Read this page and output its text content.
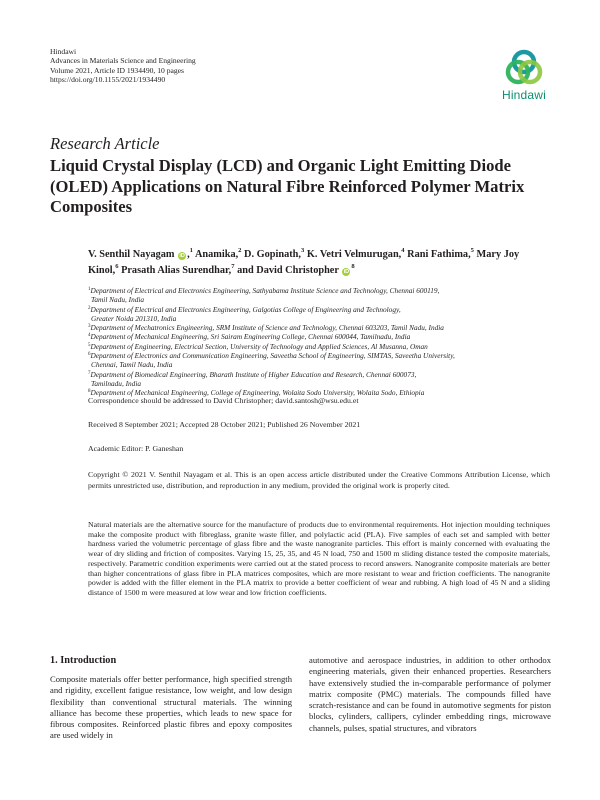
Hindawi
Advances in Materials Science and Engineering
Volume 2021, Article ID 1934490, 10 pages
https://doi.org/10.1155/2021/1934490
Hindawi
Research Article
Liquid Crystal Display (LCD) and Organic Light Emitting Diode (OLED) Applications on Natural Fibre Reinforced Polymer Matrix Composites
V. Senthil Nayagam iD ,$^1$ Anamika,$^2$ D. Gopinath,$^3$ K. Vetri Velmurugan,$^4$ Rani Fathima,$^5$ Mary Joy Kinol,$^6$ Prasath Alias Surendhar,$^7$ and David Christopher $iD^8$
$^1$Department of Electrical and Electronics Engineering, Sathyabama Institute Science and Technology, Chennai 600119,
Tamil Nadu, India
$^2$Department of Electrical and Electronics Engineering, Galgotias College of Engineering and Technology,
Greater Noida 201310, India
$^3$Department of Mechatronics Engineering, SRM Institute of Science and Technology, Chennai 603203, Tamil Nadu, India
$^4$Department of Mechanical Engineering, Sri Sairam Engineering College, Chennai 600044, Tamilnadu, India
$^5$Department of Engineering, Electrical Section, University of Technology and Applied Sciences, Al Musanna, Oman
$^6$Department of Electronics and Communication Engineering, Saveetha School of Engineering, SIMTAS, Saveetha University,
Chennai, Tamil Nadu, India
$^7$Department of Biomedical Engineering, Bharath Institute of Higher Education and Research, Chennai 600073,
Tamilnadu, India
$^8$Department of Mechanical Engineering, College of Engineering, Wolaita Sodo University, Wolaita Sodo, Ethiopia
Correspondence should be addressed to David Christopher; david.santosh@wsu.edu.et
Received 8 September 2021; Accepted 28 October 2021; Published 26 November 2021
Academic Editor: P. Ganeshan
Copyright © 2021 V. Senthil Nayagam et al. This is an open access article distributed under the Creative Commons Attribution License, which permits unrestricted use, distribution, and reproduction in any medium, provided the original work is properly cited.
Natural materials are the alternative source for the manufacture of products due to environmental requirements. Hot injection moulding techniques make the composite product with fibreglass, granite waste filler, and polylactic acid (PLA). Five samples of each set and sampled with better hardness varied the volumetric percentage of glass fibre and the waste nanogranite particles. This effort is mainly concerned with evaluating the wear of dry sliding and friction of composites. Varying 15, 25, 35, and 45 N load, 750 and 1500 m sliding distance tested the composite materials, respectively. Parametric condition experiments were carried out at the stated process to record answers. Nanogranite composite materials are better than higher concentrations of glass fibre in PLA matrices composites, which are more resistant to wear and friction coefficients. The nanogranite powder is added with the filler element in the PLA matrix to provide a better coefficient of wear and rubbing. A high load of 45 N and a sliding distance of 1500 m were measured at low wear and low friction coefficients.
1. Introduction
Composite materials offer better performance, high specified strength and rigidity, excellent fatigue resistance, low weight, and low design flexibility than conventional structural materials. The winning alliance has become these properties, which leads to new space for fibrous composites. Reinforced plastic fibres and epoxy composites are used widely in
automotive and aerospace industries, in addition to other orthodox engineering materials, given their enhanced properties. Researchers have extensively studied the in-comparable performance of polymer matrix composite (PMC) materials. The compounds filled have scratch-resistance and can be found in automotive segments for piston blocks, cylinders, callipers, cylinder embedding rings, microwave channels, pulses, spatial structures, and vibrators
